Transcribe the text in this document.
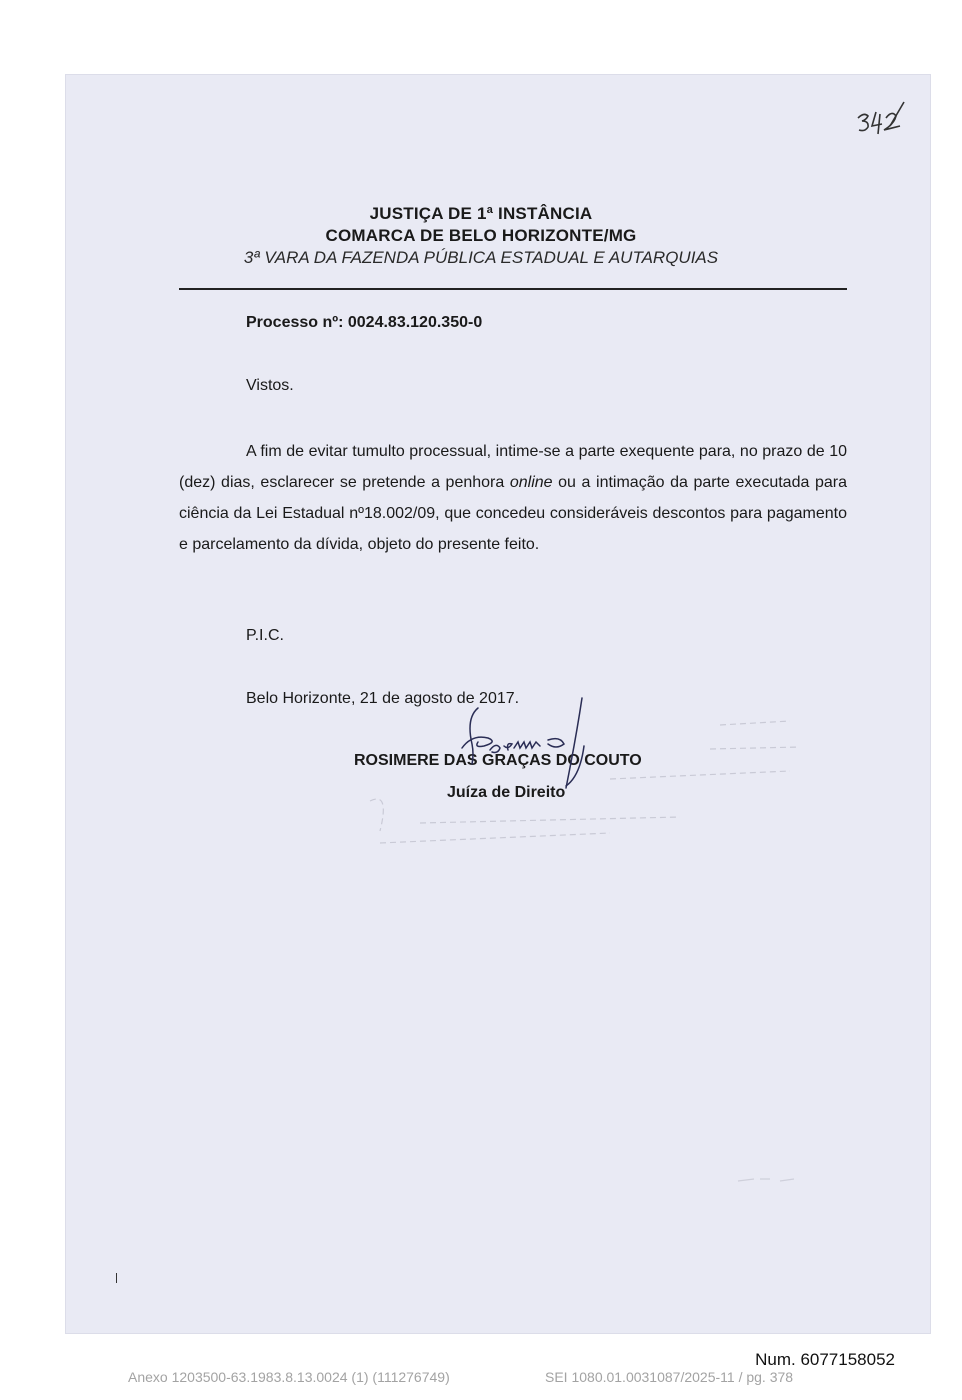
JUSTIÇA DE 1ª INSTÂNCIA
COMARCA DE BELO HORIZONTE/MG
3ª VARA DA FAZENDA PÚBLICA ESTADUAL E AUTARQUIAS
Processo nº: 0024.83.120.350-0
Vistos.
A fim de evitar tumulto processual, intime-se a parte exequente para, no prazo de 10 (dez) dias, esclarecer se pretende a penhora online ou a intimação da parte executada para ciência da Lei Estadual nº18.002/09, que concedeu consideráveis descontos para pagamento e parcelamento da dívida, objeto do presente feito.
P.I.C.
Belo Horizonte, 21 de agosto de 2017.
ROSIMERE DAS GRAÇAS DO COUTO
Juíza de Direito
Num. 6077158052
Anexo 1203500-63.1983.8.13.0024 (1) (111276749)	SEI 1080.01.0031087/2025-11 / pg. 378
